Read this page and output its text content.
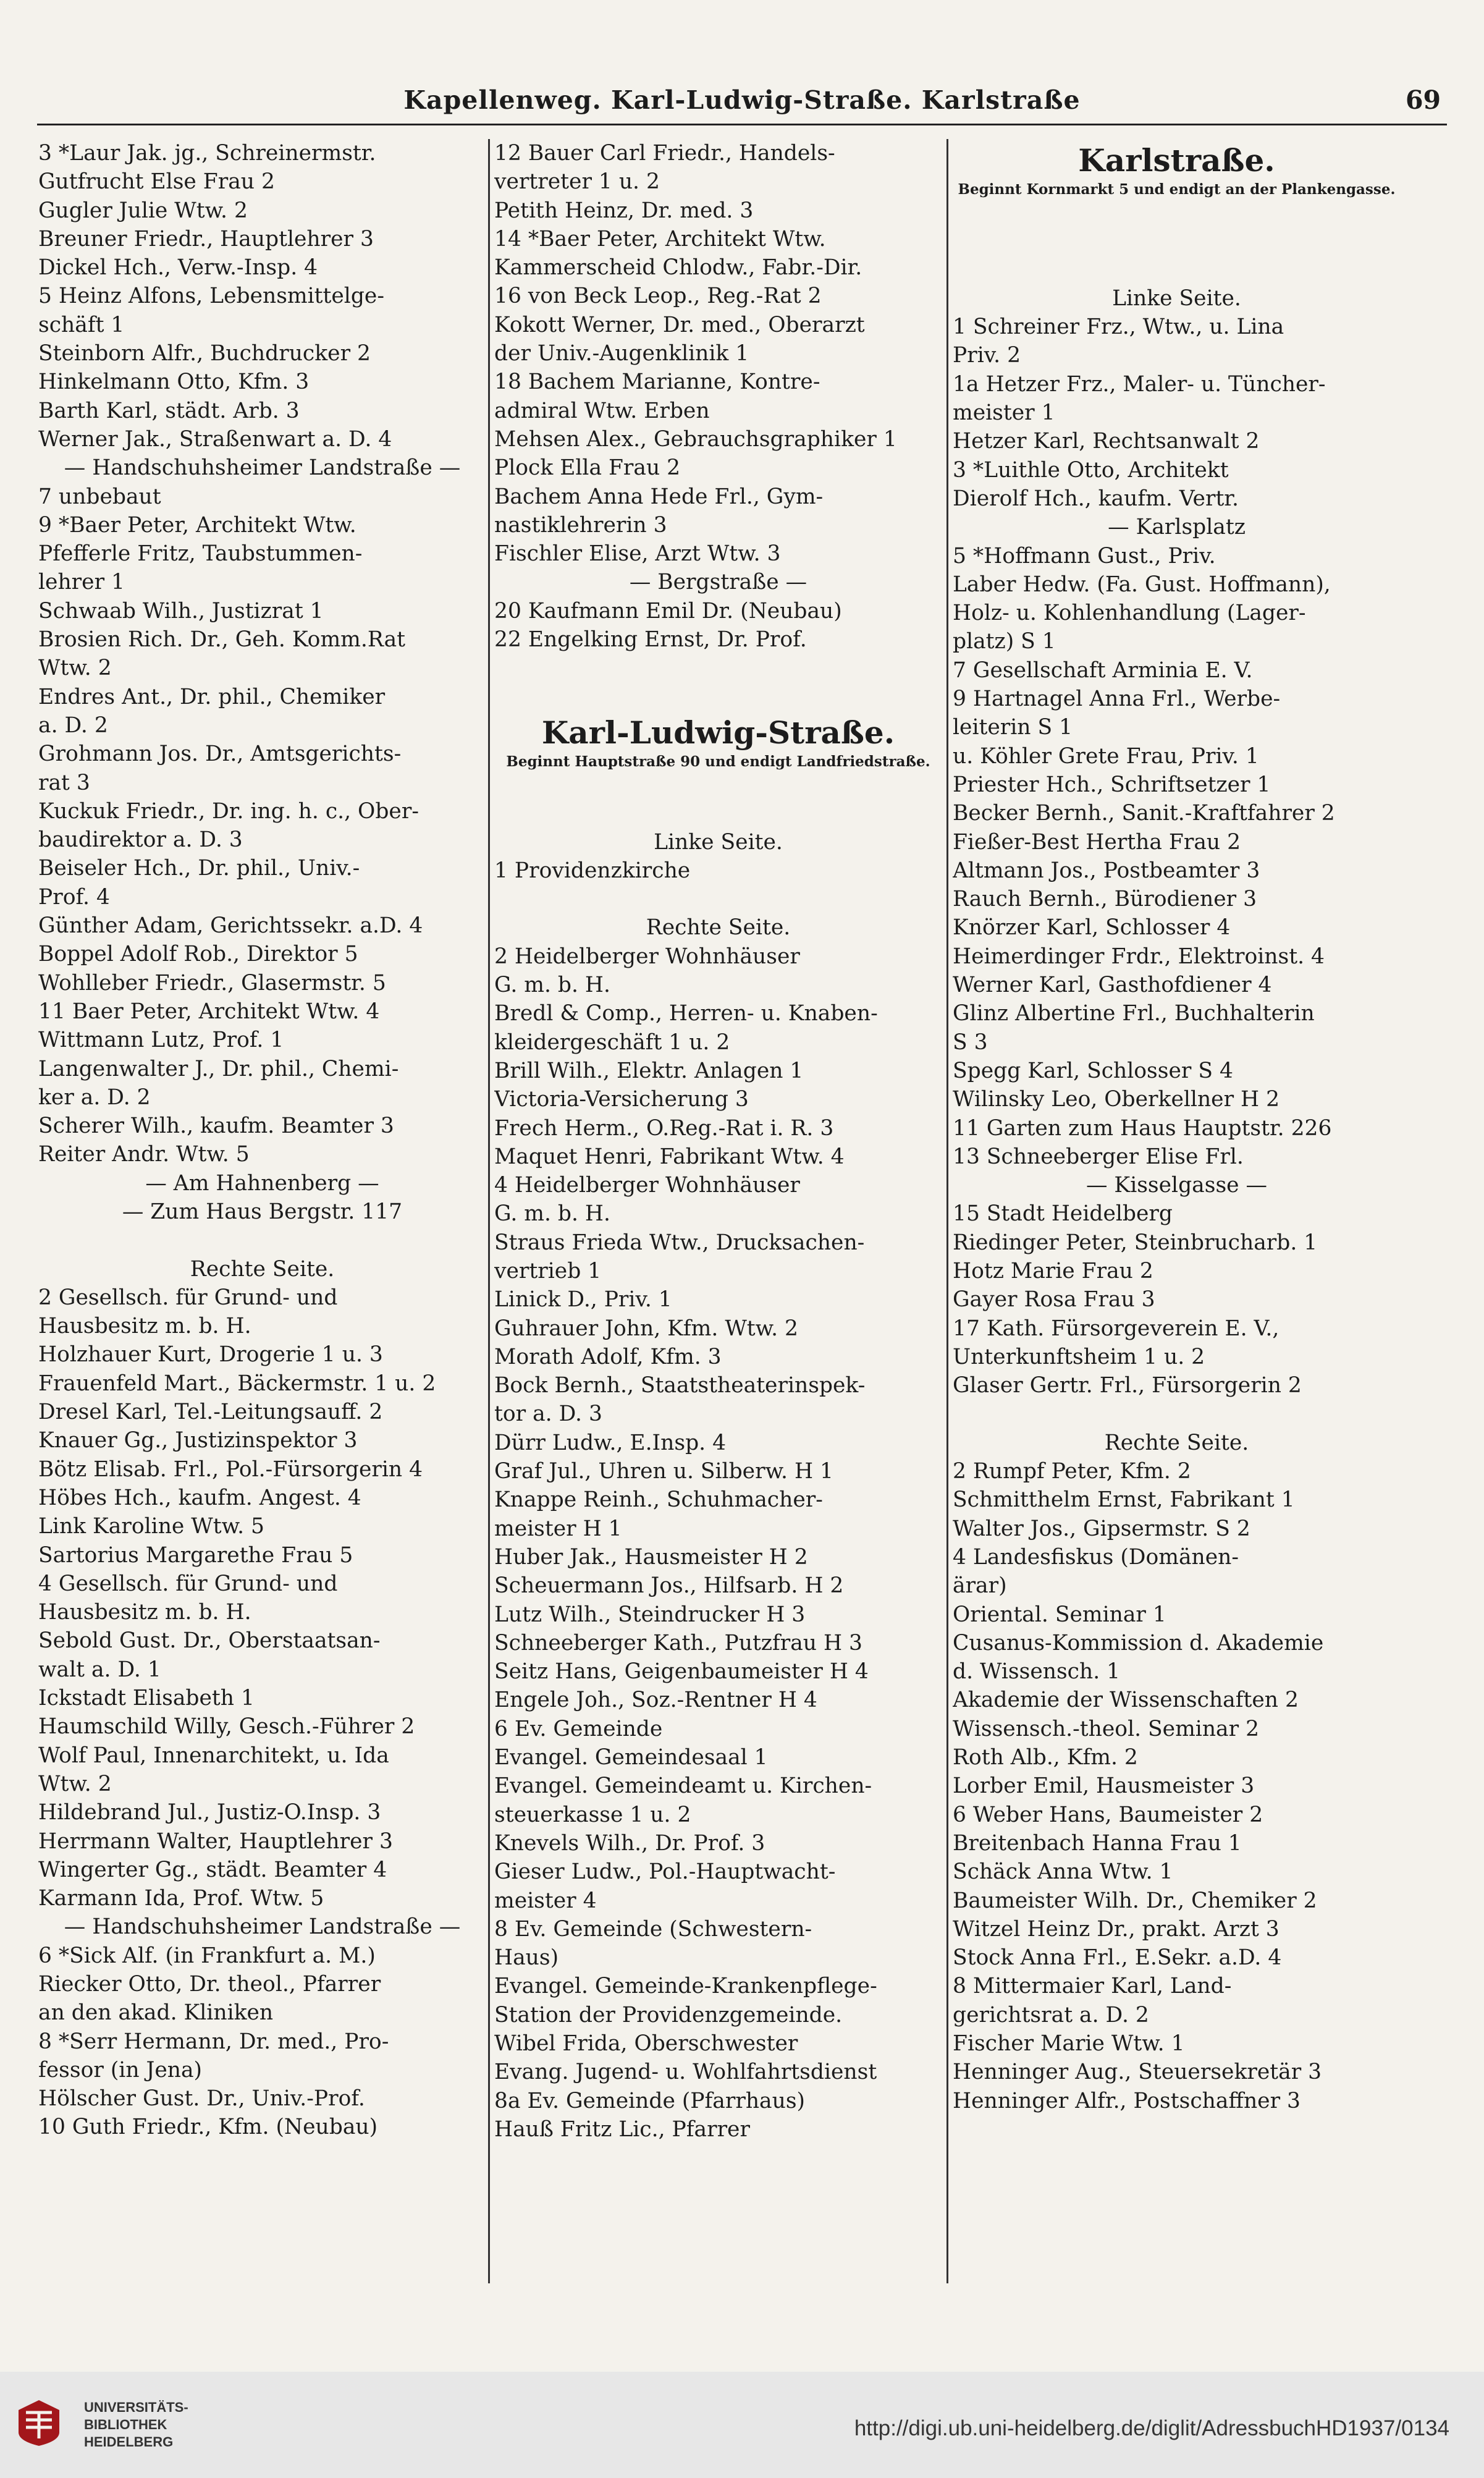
Kapellenweg. Karl-Ludwig-Straße. Karlstraße	69
3 *Laur Jak. jg., Schreinermstr.
Gutfrucht Else Frau 2
Gugler Julie Wtw. 2
Breuner Friedr., Hauptlehrer 3
Dickel Hch., Verw.-Insp. 4
5 Heinz Alfons, Lebensmittelge-
schäft 1
Steinborn Alfr., Buchdrucker 2
Hinkelmann Otto, Kfm. 3
Barth Karl, städt. Arb. 3
Werner Jak., Straßenwart a. D. 4
— Handschuhsheimer Landstraße —
7 unbebaut
9 *Baer Peter, Architekt Wtw.
Pfefferle Fritz, Taubstummen-
lehrer 1
Schwaab Wilh., Justizrat 1
Brosien Rich. Dr., Geh. Komm.Rat
Wtw. 2
Endres Ant., Dr. phil., Chemiker
a. D. 2
Grohmann Jos. Dr., Amtsgerichts-
rat 3
Kuckuk Friedr., Dr. ing. h. c., Ober-
baudirektor a. D. 3
Beiseler Hch., Dr. phil., Univ.-
Prof. 4
Günther Adam, Gerichtssekr. a.D. 4
Boppel Adolf Rob., Direktor 5
Wohlleber Friedr., Glasermstr. 5
11 Baer Peter, Architekt Wtw. 4
Wittmann Lutz, Prof. 1
Langenwalter J., Dr. phil., Chemi-
ker a. D. 2
Scherer Wilh., kaufm. Beamter 3
Reiter Andr. Wtw. 5
— Am Hahnenberg —
— Zum Haus Bergstr. 117

Rechte Seite.
2 Gesellsch. für Grund- und
Hausbesitz m. b. H.
Holzhauer Kurt, Drogerie 1 u. 3
Frauenfeld Mart., Bäckermstr. 1 u. 2
Dresel Karl, Tel.-Leitungsauff. 2
Knauer Gg., Justizinspektor 3
Bötz Elisab. Frl., Pol.-Fürsorgerin 4
Höbes Hch., kaufm. Angest. 4
Link Karoline Wtw. 5
Sartorius Margarethe Frau 5
4 Gesellsch. für Grund- und
Hausbesitz m. b. H.
Sebold Gust. Dr., Oberstaatsan-
walt a. D. 1
Ickstadt Elisabeth 1
Haumschild Willy, Gesch.-Führer 2
Wolf Paul, Innenarchitekt, u. Ida
Wtw. 2
Hildebrand Jul., Justiz-O.Insp. 3
Herrmann Walter, Hauptlehrer 3
Wingerter Gg., städt. Beamter 4
Karmann Ida, Prof. Wtw. 5
— Handschuhsheimer Landstraße —
6 *Sick Alf. (in Frankfurt a. M.)
Riecker Otto, Dr. theol., Pfarrer
an den akad. Kliniken
8 *Serr Hermann, Dr. med., Pro-
fessor (in Jena)
Hölscher Gust. Dr., Univ.-Prof.
10 Guth Friedr., Kfm. (Neubau)
12 Bauer Carl Friedr., Handels-
vertreter 1 u. 2
Petith Heinz, Dr. med. 3
14 *Baer Peter, Architekt Wtw.
Kammerscheid Chlodw., Fabr.-Dir.
16 von Beck Leop., Reg.-Rat 2
Kokott Werner, Dr. med., Oberarzt
der Univ.-Augenklinik 1
18 Bachem Marianne, Kontre-
admiral Wtw. Erben
Mehsen Alex., Gebrauchsgraphiker 1
Plock Ella Frau 2
Bachem Anna Hede Frl., Gym-
nastiklehrerin 3
Fischler Elise, Arzt Wtw. 3
— Bergstraße —
20 Kaufmann Emil Dr. (Neubau)
22 Engelking Ernst, Dr. Prof.

Karl-Ludwig-Straße.
Beginnt Hauptstraße 90 und endigt Landfriedstraße.

Linke Seite.
1 Providenzkirche

Rechte Seite.
2 Heidelberger Wohnhäuser
G. m. b. H.
Bredl & Comp., Herren- u. Knaben-
kleidergeschäft 1 u. 2
Brill Wilh., Elektr. Anlagen 1
Victoria-Versicherung 3
Frech Herm., O.Reg.-Rat i. R. 3
Maquet Henri, Fabrikant Wtw. 4
4 Heidelberger Wohnhäuser
G. m. b. H.
Straus Frieda Wtw., Drucksachen-
vertrieb 1
Linick D., Priv. 1
Guhrauer John, Kfm. Wtw. 2
Morath Adolf, Kfm. 3
Bock Bernh., Staatstheaterinspek-
tor a. D. 3
Dürr Ludw., E.Insp. 4
Graf Jul., Uhren u. Silberw. H 1
Knappe Reinh., Schuhmacher-
meister H 1
Huber Jak., Hausmeister H 2
Scheuermann Jos., Hilfsarb. H 2
Lutz Wilh., Steindrucker H 3
Schneeberger Kath., Putzfrau H 3
Seitz Hans, Geigenbaumeister H 4
Engele Joh., Soz.-Rentner H 4
6 Ev. Gemeinde
Evangel. Gemeindesaal 1
Evangel. Gemeindeamt u. Kirchen-
steuerkasse 1 u. 2
Knevels Wilh., Dr. Prof. 3
Gieser Ludw., Pol.-Hauptwacht-
meister 4
8 Ev. Gemeinde (Schwestern-
Haus)
Evangel. Gemeinde-Krankenpflege-
Station der Providenzgemeinde.
Wibel Frida, Oberschwester
Evang. Jugend- u. Wohlfahrtsdienst
8a Ev. Gemeinde (Pfarrhaus)
Hauß Fritz Lic., Pfarrer
Karlstraße.
Beginnt Kornmarkt 5 und endigt an der Plankengasse.

Linke Seite.
1 Schreiner Frz., Wtw., u. Lina
Priv. 2
1a Hetzer Frz., Maler- u. Tüncher-
meister 1
Hetzer Karl, Rechtsanwalt 2
3 *Luithle Otto, Architekt
Dierolf Hch., kaufm. Vertr.
— Karlsplatz
5 *Hoffmann Gust., Priv.
Laber Hedw. (Fa. Gust. Hoffmann),
Holz- u. Kohlenhandlung (Lager-
platz) S 1
7 Gesellschaft Arminia E. V.
9 Hartnagel Anna Frl., Werbe-
leiterin S 1
u. Köhler Grete Frau, Priv. 1
Priester Hch., Schriftsetzer 1
Becker Bernh., Sanit.-Kraftfahrer 2
Fießer-Best Hertha Frau 2
Altmann Jos., Postbeamter 3
Rauch Bernh., Bürodiener 3
Knörzer Karl, Schlosser 4
Heimerdinger Frdr., Elektroinst. 4
Werner Karl, Gasthofdiener 4
Glinz Albertine Frl., Buchhalterin
S 3
Spegg Karl, Schlosser S 4
Wilinsky Leo, Oberkellner H 2
11 Garten zum Haus Hauptstr. 226
13 Schneeberger Elise Frl.
— Kisselgasse —
15 Stadt Heidelberg
Riedinger Peter, Steinbrucharb. 1
Hotz Marie Frau 2
Gayer Rosa Frau 3
17 Kath. Fürsorgeverein E. V.,
Unterkunftsheim 1 u. 2
Glaser Gertr. Frl., Fürsorgerin 2

Rechte Seite.
2 Rumpf Peter, Kfm. 2
Schmitthelm Ernst, Fabrikant 1
Walter Jos., Gipsermstr. S 2
4 Landesfiskus (Domänen-
ärar)
Oriental. Seminar 1
Cusanus-Kommission d. Akademie
d. Wissensch. 1
Akademie der Wissenschaften 2
Wissensch.-theol. Seminar 2
Roth Alb., Kfm. 2
Lorber Emil, Hausmeister 3
6 Weber Hans, Baumeister 2
Breitenbach Hanna Frau 1
Schäck Anna Wtw. 1
Baumeister Wilh. Dr., Chemiker 2
Witzel Heinz Dr., prakt. Arzt 3
Stock Anna Frl., E.Sekr. a.D. 4
8 Mittermaier Karl, Land-
gerichtsrat a. D. 2
Fischer Marie Wtw. 1
Henninger Aug., Steuersekretär 3
Henninger Alfr., Postschaffner 3
UNIVERSITÄTS-
BIBLIOTHEK
HEIDELBERG
http://digi.ub.uni-heidelberg.de/diglit/AdressbuchHD1937/0134
